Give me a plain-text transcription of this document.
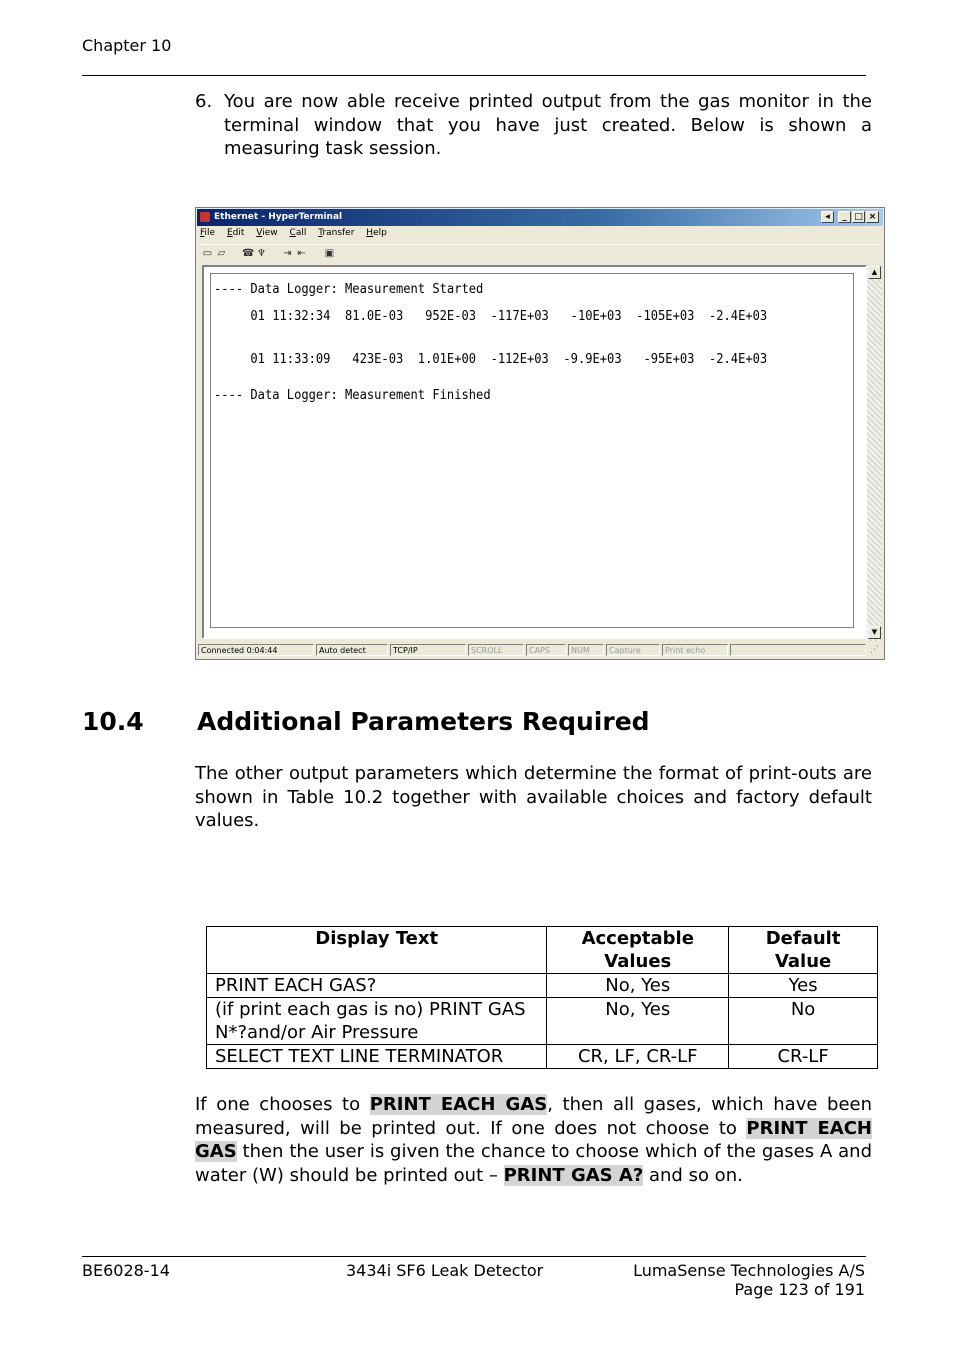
Chapter 10
6. You are now able receive printed output from the gas monitor in the terminal window that you have just created. Below is shown a measuring task session.
Ethernet - HyperTerminal	◂	_ □ ×
File Edit View Call Transfer Help
▭ ▱ ☎ ♆ ⇥ ⇤ ▣
---- Data Logger: Measurement Started
01 11:32:34  81.0E-03   952E-03  -117E+03   -10E+03  -105E+03  -2.4E+03
01 11:33:09   423E-03  1.01E+00  -112E+03  -9.9E+03   -95E+03  -2.4E+03
---- Data Logger: Measurement Finished
▲
▼
Connected 0:04:44	Auto detect	TCP/IP	SCROLL	CAPS	NUM	Capture	Print echo	⋰
10.4 Additional Parameters Required
The other output parameters which determine the format of print-outs are shown in Table 10.2 together with available choices and factory default values.
Display Text	Acceptable Values	Default Value
PRINT EACH GAS?	No, Yes	Yes
(if print each gas is no) PRINT GAS N*?and/or Air Pressure	No, Yes	No
SELECT TEXT LINE TERMINATOR	CR, LF, CR-LF	CR-LF
If one chooses to PRINT EACH GAS, then all gases, which have been measured, will be printed out. If one does not choose to PRINT EACH GAS then the user is given the chance to choose which of the gases A and water (W) should be printed out – PRINT GAS A? and so on.
BE6028-14	3434i SF6 Leak Detector	LumaSense Technologies A/S
Page 123 of 191
